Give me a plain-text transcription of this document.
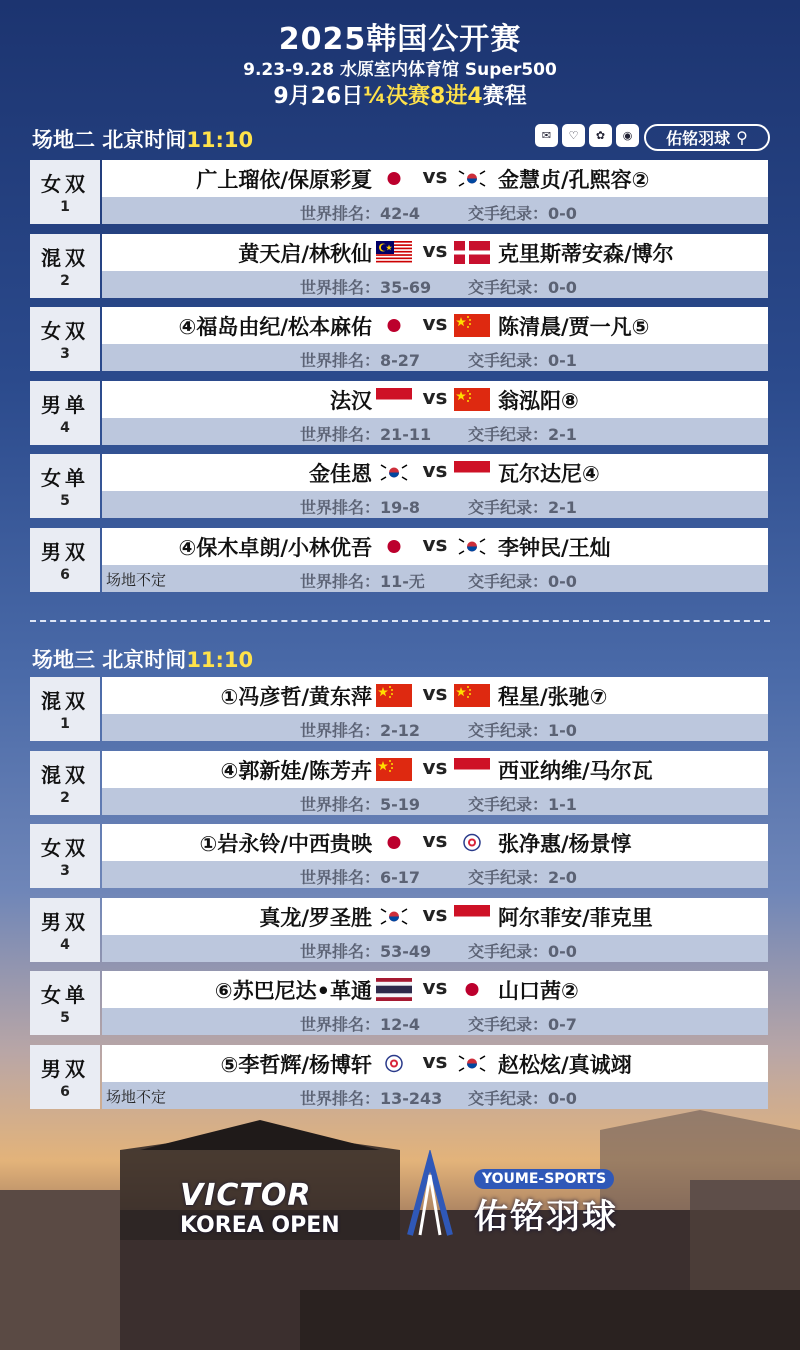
2025韩国公开赛
9.23-9.28 水原室内体育馆 Super500
9月26日¼决赛8进4赛程
场地二 北京时间11:10	✉	♡	✿	◉	佑铭羽球 ⚲
女双
1
广上瑠依/保原彩夏	vs 金慧贞/孔熙容②
世界排名：42-4	交手纪录：0-0
混双
2
黄天启/林秋仙	vs 克里斯蒂安森/博尔
世界排名：35-69 交手纪录：0-0
女双
3
④福岛由纪/松本麻佑	vs 陈清晨/贾一凡⑤
世界排名：8-27	交手纪录：0-1
男单
4
法汉	vs 翁泓阳⑧
世界排名：21-11 交手纪录：2-1
女单
5
金佳恩	vs 瓦尔达尼④
世界排名：19-8	交手纪录：2-1
男双
6
④保木卓朗/小林优吾	vs 李钟民/王灿
场地不定	世界排名：11-无	交手纪录：0-0
场地三 北京时间11:10
混双
1
①冯彦哲/黄东萍	vs 程星/张驰⑦
世界排名：2-12	交手纪录：1-0
混双
2
④郭新娃/陈芳卉	vs 西亚纳维/马尔瓦
世界排名：5-19	交手纪录：1-1
女双
3
①岩永铃/中西贵映	vs 张净惠/杨景惇
世界排名：6-17	交手纪录：2-0
男双
4
真龙/罗圣胜	vs 阿尔菲安/菲克里
世界排名：53-49 交手纪录：0-0
女单
5
⑥苏巴尼达•革通	vs 山口茜②
世界排名：12-4	交手纪录：0-7
男双
6
⑤李哲辉/杨博轩	vs 赵松炫/真诚翊
场地不定	世界排名：13-243 交手纪录：0-0
VICTOR
KOREA OPEN
YOUME-SPORTS
佑铭羽球
